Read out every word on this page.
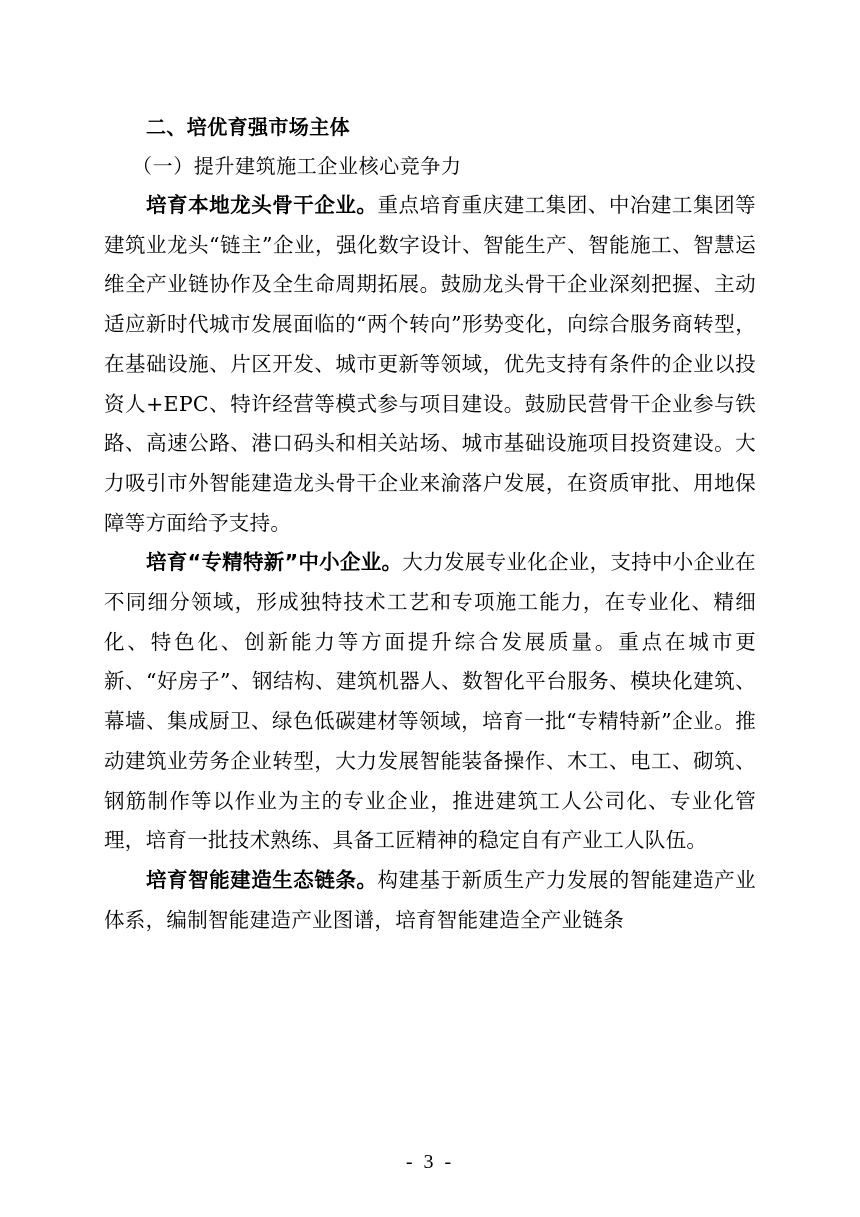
二、培优育强市场主体

（一）提升建筑施工企业核心竞争力

培育本地龙头骨干企业。重点培育重庆建工集团、中冶建工集团等建筑业龙头“链主”企业，强化数字设计、智能生产、智能施工、智慧运维全产业链协作及全生命周期拓展。鼓励龙头骨干企业深刻把握、主动适应新时代城市发展面临的“两个转向”形势变化，向综合服务商转型，在基础设施、片区开发、城市更新等领域，优先支持有条件的企业以投资人+EPC、特许经营等模式参与项目建设。鼓励民营骨干企业参与铁路、高速公路、港口码头和相关站场、城市基础设施项目投资建设。大力吸引市外智能建造龙头骨干企业来渝落户发展，在资质审批、用地保障等方面给予支持。

培育“专精特新”中小企业。大力发展专业化企业，支持中小企业在不同细分领域，形成独特技术工艺和专项施工能力，在专业化、精细化、特色化、创新能力等方面提升综合发展质量。重点在城市更新、“好房子”、钢结构、建筑机器人、数智化平台服务、模块化建筑、幕墙、集成厨卫、绿色低碳建材等领域，培育一批“专精特新”企业。推动建筑业劳务企业转型，大力发展智能装备操作、木工、电工、砌筑、钢筋制作等以作业为主的专业企业，推进建筑工人公司化、专业化管理，培育一批技术熟练、具备工匠精神的稳定自有产业工人队伍。

培育智能建造生态链条。构建基于新质生产力发展的智能建造产业体系，编制智能建造产业图谱，培育智能建造全产业链条

- 3 -
